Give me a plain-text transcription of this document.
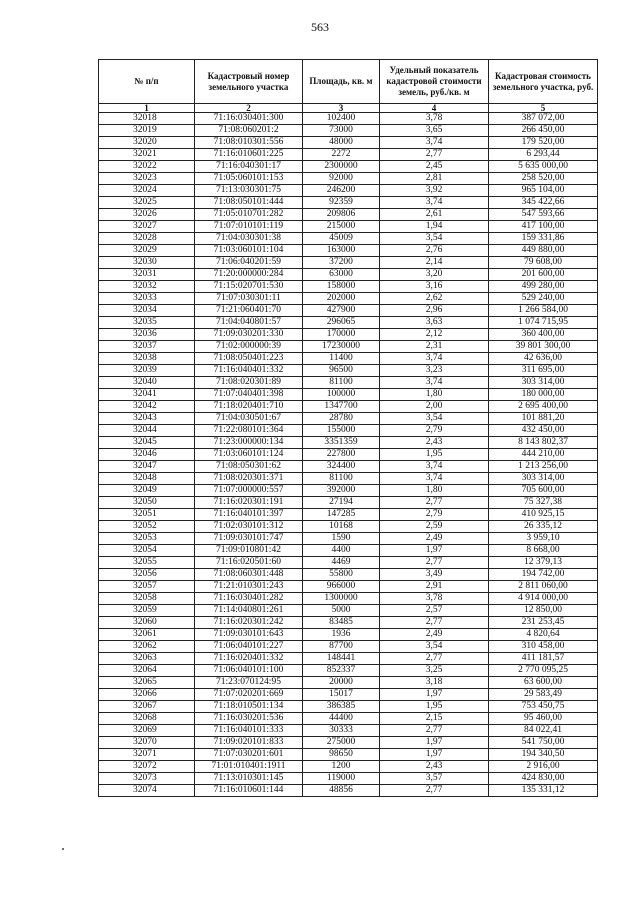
563
№ п/п	Кадастровый номер земельного участка	Площадь, кв. м	Удельный показатель кадастровой стоимости земель, руб./кв. м	Кадастровая стоимость земельного участка, руб.
1	2	3	4	5
32018	71:16:030401:300	102400	3,78	387 072,00
32019	71:08:060201:2	73000	3,65	266 450,00
32020	71:08:010301:556	48000	3,74	179 520,00
32021	71:16:010601:225	2272	2,77	6 293,44
32022	71:16:040301:17	2300000	2,45	5 635 000,00
32023	71:05:060101:153	92000	2,81	258 520,00
32024	71:13:030301:75	246200	3,92	965 104,00
32025	71:08:050101:444	92359	3,74	345 422,66
32026	71:05:010701:282	209806	2,61	547 593,66
32027	71:07:010101:119	215000	1,94	417 100,00
32028	71:04:030301:38	45009	3,54	159 331,86
32029	71:03:060101:104	163000	2,76	449 880,00
32030	71:06:040201:59	37200	2,14	79 608,00
32031	71:20:000000:284	63000	3,20	201 600,00
32032	71:15:020701:530	158000	3,16	499 280,00
32033	71:07:030301:11	202000	2,62	529 240,00
32034	71:21:060401:70	427900	2,96	1 266 584,00
32035	71:04:040801:57	296065	3,63	1 074 715,95
32036	71:09:030201:330	170000	2,12	360 400,00
32037	71:02:000000:39	17230000	2,31	39 801 300,00
32038	71:08:050401:223	11400	3,74	42 636,00
32039	71:16:040401:332	96500	3,23	311 695,00
32040	71:08:020301:89	81100	3,74	303 314,00
32041	71:07:040401:398	100000	1,80	180 000,00
32042	71:18:020401:710	1347700	2,00	2 695 400,00
32043	71:04:030501:67	28780	3,54	101 881,20
32044	71:22:080101:364	155000	2,79	432 450,00
32045	71:23:000000:134	3351359	2,43	8 143 802,37
32046	71:03:060101:124	227800	1,95	444 210,00
32047	71:08:050301:62	324400	3,74	1 213 256,00
32048	71:08:020301:371	81100	3,74	303 314,00
32049	71:07:000000:557	392000	1,80	705 600,00
32050	71:16:020301:191	27194	2,77	75 327,38
32051	71:16:040101:397	147285	2,79	410 925,15
32052	71:02:030101:312	10168	2,59	26 335,12
32053	71:09:030101:747	1590	2,49	3 959,10
32054	71:09:010801:42	4400	1,97	8 668,00
32055	71:16:020501:60	4469	2,77	12 379,13
32056	71:08:060301:448	55800	3,49	194 742,00
32057	71:21:010301:243	966000	2,91	2 811 060,00
32058	71:16:030401:282	1300000	3,78	4 914 000,00
32059	71:14:040801:261	5000	2,57	12 850,00
32060	71:16:020301:242	83485	2,77	231 253,45
32061	71:09:030101:643	1936	2,49	4 820,64
32062	71:06:040101:227	87700	3,54	310 458,00
32063	71:16:020401:332	148441	2,77	411 181,57
32064	71:06:040101:100	852337	3,25	2 770 095,25
32065	71:23:070124:95	20000	3,18	63 600,00
32066	71:07:020201:669	15017	1,97	29 583,49
32067	71:18:010501:134	386385	1,95	753 450,75
32068	71:16:030201:536	44400	2,15	95 460,00
32069	71:16:040101:333	30333	2,77	84 022,41
32070	71:09:020101:833	275000	1,97	541 750,00
32071	71:07:030201:601	98650	1,97	194 340,50
32072	71:01:010401:1911	1200	2,43	2 916,00
32073	71:13:010301:145	119000	3,57	424 830,00
32074	71:16:010601:144	48856	2,77	135 331,12
